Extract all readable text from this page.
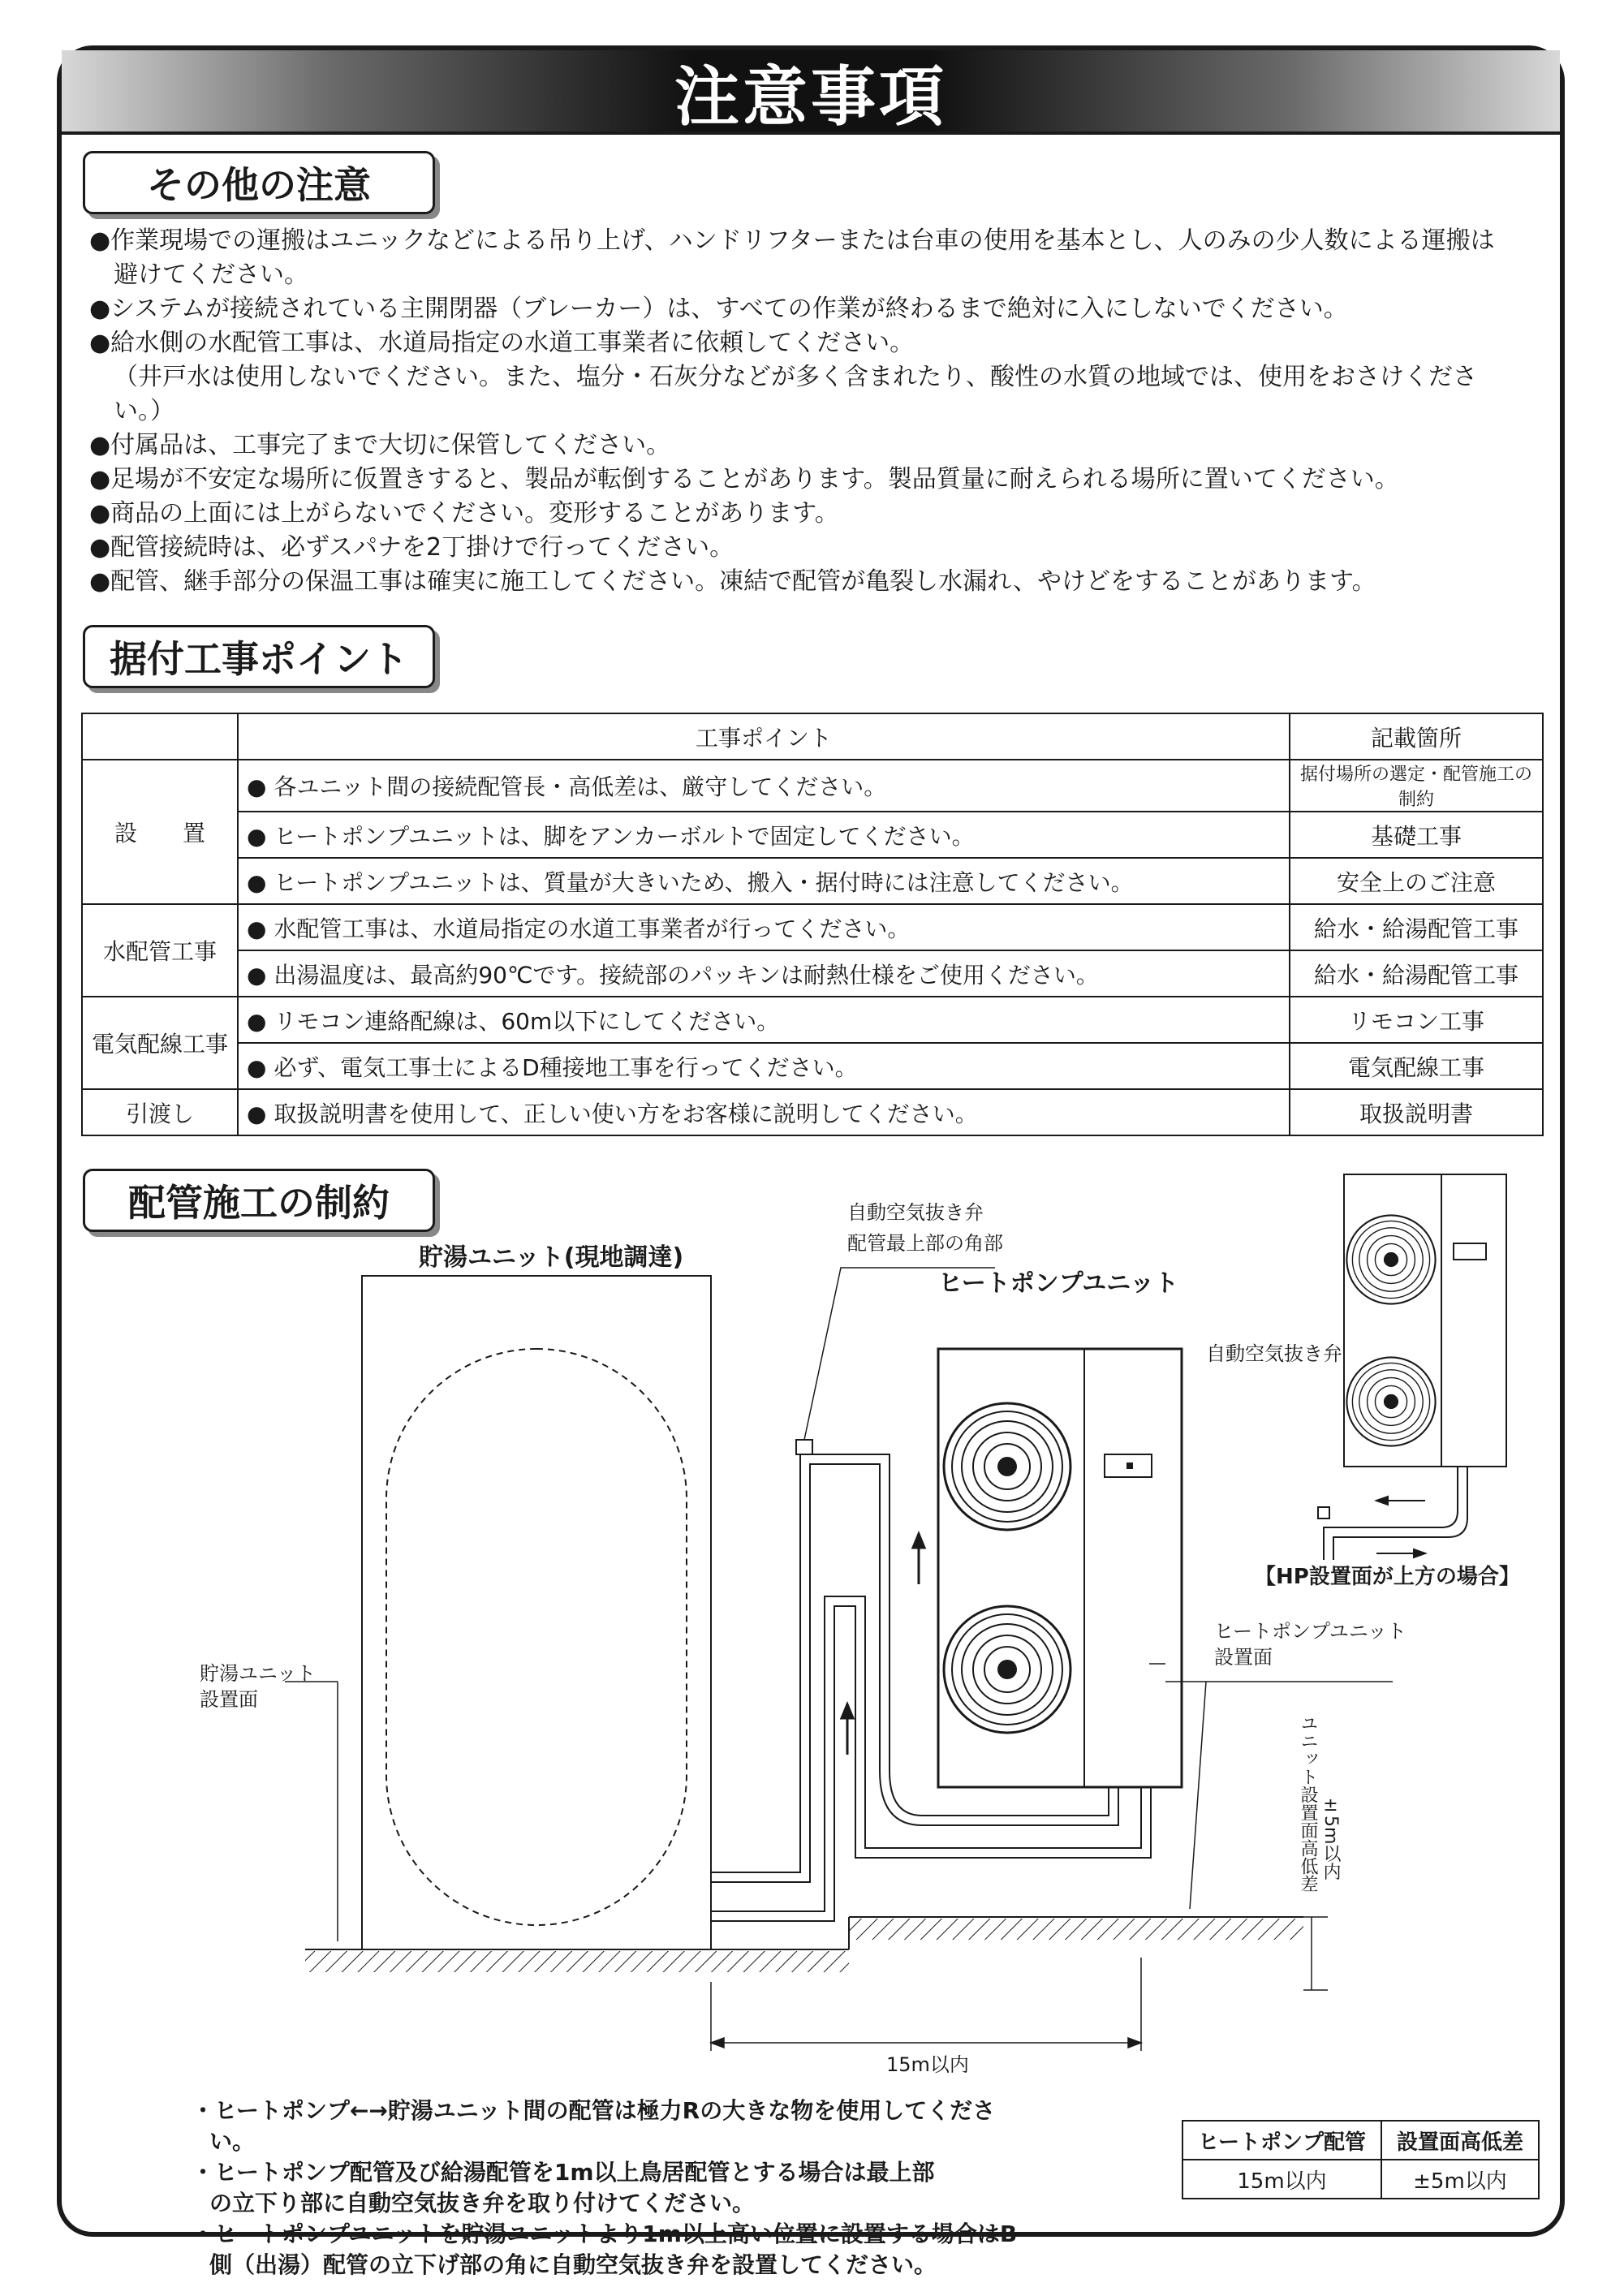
注意事項
その他の注意
●作業現場での運搬はユニックなどによる吊り上げ、ハンドリフターまたは台車の使用を基本とし、人のみの少人数による運搬は避けてください。
●システムが接続されている主開閉器（ブレーカー）は、すべての作業が終わるまで絶対に入にしないでください。
●給水側の水配管工事は、水道局指定の水道工事業者に依頼してください。
（井戸水は使用しないでください。また、塩分・石灰分などが多く含まれたり、酸性の水質の地域では、使用をおさけください。）
●付属品は、工事完了まで大切に保管してください。
●足場が不安定な場所に仮置きすると、製品が転倒することがあります。製品質量に耐えられる場所に置いてください。
●商品の上面には上がらないでください。変形することがあります。
●配管接続時は、必ずスパナを2丁掛けで行ってください。
●配管、継手部分の保温工事は確実に施工してください。凍結で配管が亀裂し水漏れ、やけどをすることがあります。
据付工事ポイント
	工事ポイント	記載箇所
設　　置	● 各ユニット間の接続配管長・高低差は、厳守してください。	据付場所の選定・配管施工の制約
	● ヒートポンプユニットは、脚をアンカーボルトで固定してください。	基礎工事
	● ヒートポンプユニットは、質量が大きいため、搬入・据付時には注意してください。	安全上のご注意
水配管工事	● 水配管工事は、水道局指定の水道工事業者が行ってください。	給水・給湯配管工事
	● 出湯温度は、最高約90℃です。接続部のパッキンは耐熱仕様をご使用ください。	給水・給湯配管工事
電気配線工事	● リモコン連絡配線は、60m以下にしてください。	リモコン工事
	● 必ず、電気工事士によるD種接地工事を行ってください。	電気配線工事
引渡し	● 取扱説明書を使用して、正しい使い方をお客様に説明してください。	取扱説明書
配管施工の制約	自動空気抜き弁
配管最上部の角部
貯湯ユニット(現地調達)
ヒートポンプユニット
自動空気抜き弁
【HP設置面が上方の場合】
ヒートポンプユニット
設置面
貯湯ユニット
設置面
±5m以内
ユニット設置面高低差
15m以内
・ヒートポンプ←→貯湯ユニット間の配管は極力Rの大きな物を使用してください。
・ヒートポンプ配管及び給湯配管を1m以上鳥居配管とする場合は最上部の立下り部に自動空気抜き弁を取り付けてください。
・ヒートポンプユニットを貯湯ユニットより1m以上高い位置に設置する場合はB側（出湯）配管の立下げ部の角に自動空気抜き弁を設置してください。
ヒートポンプ配管	設置面高低差
15m以内	±5m以内
